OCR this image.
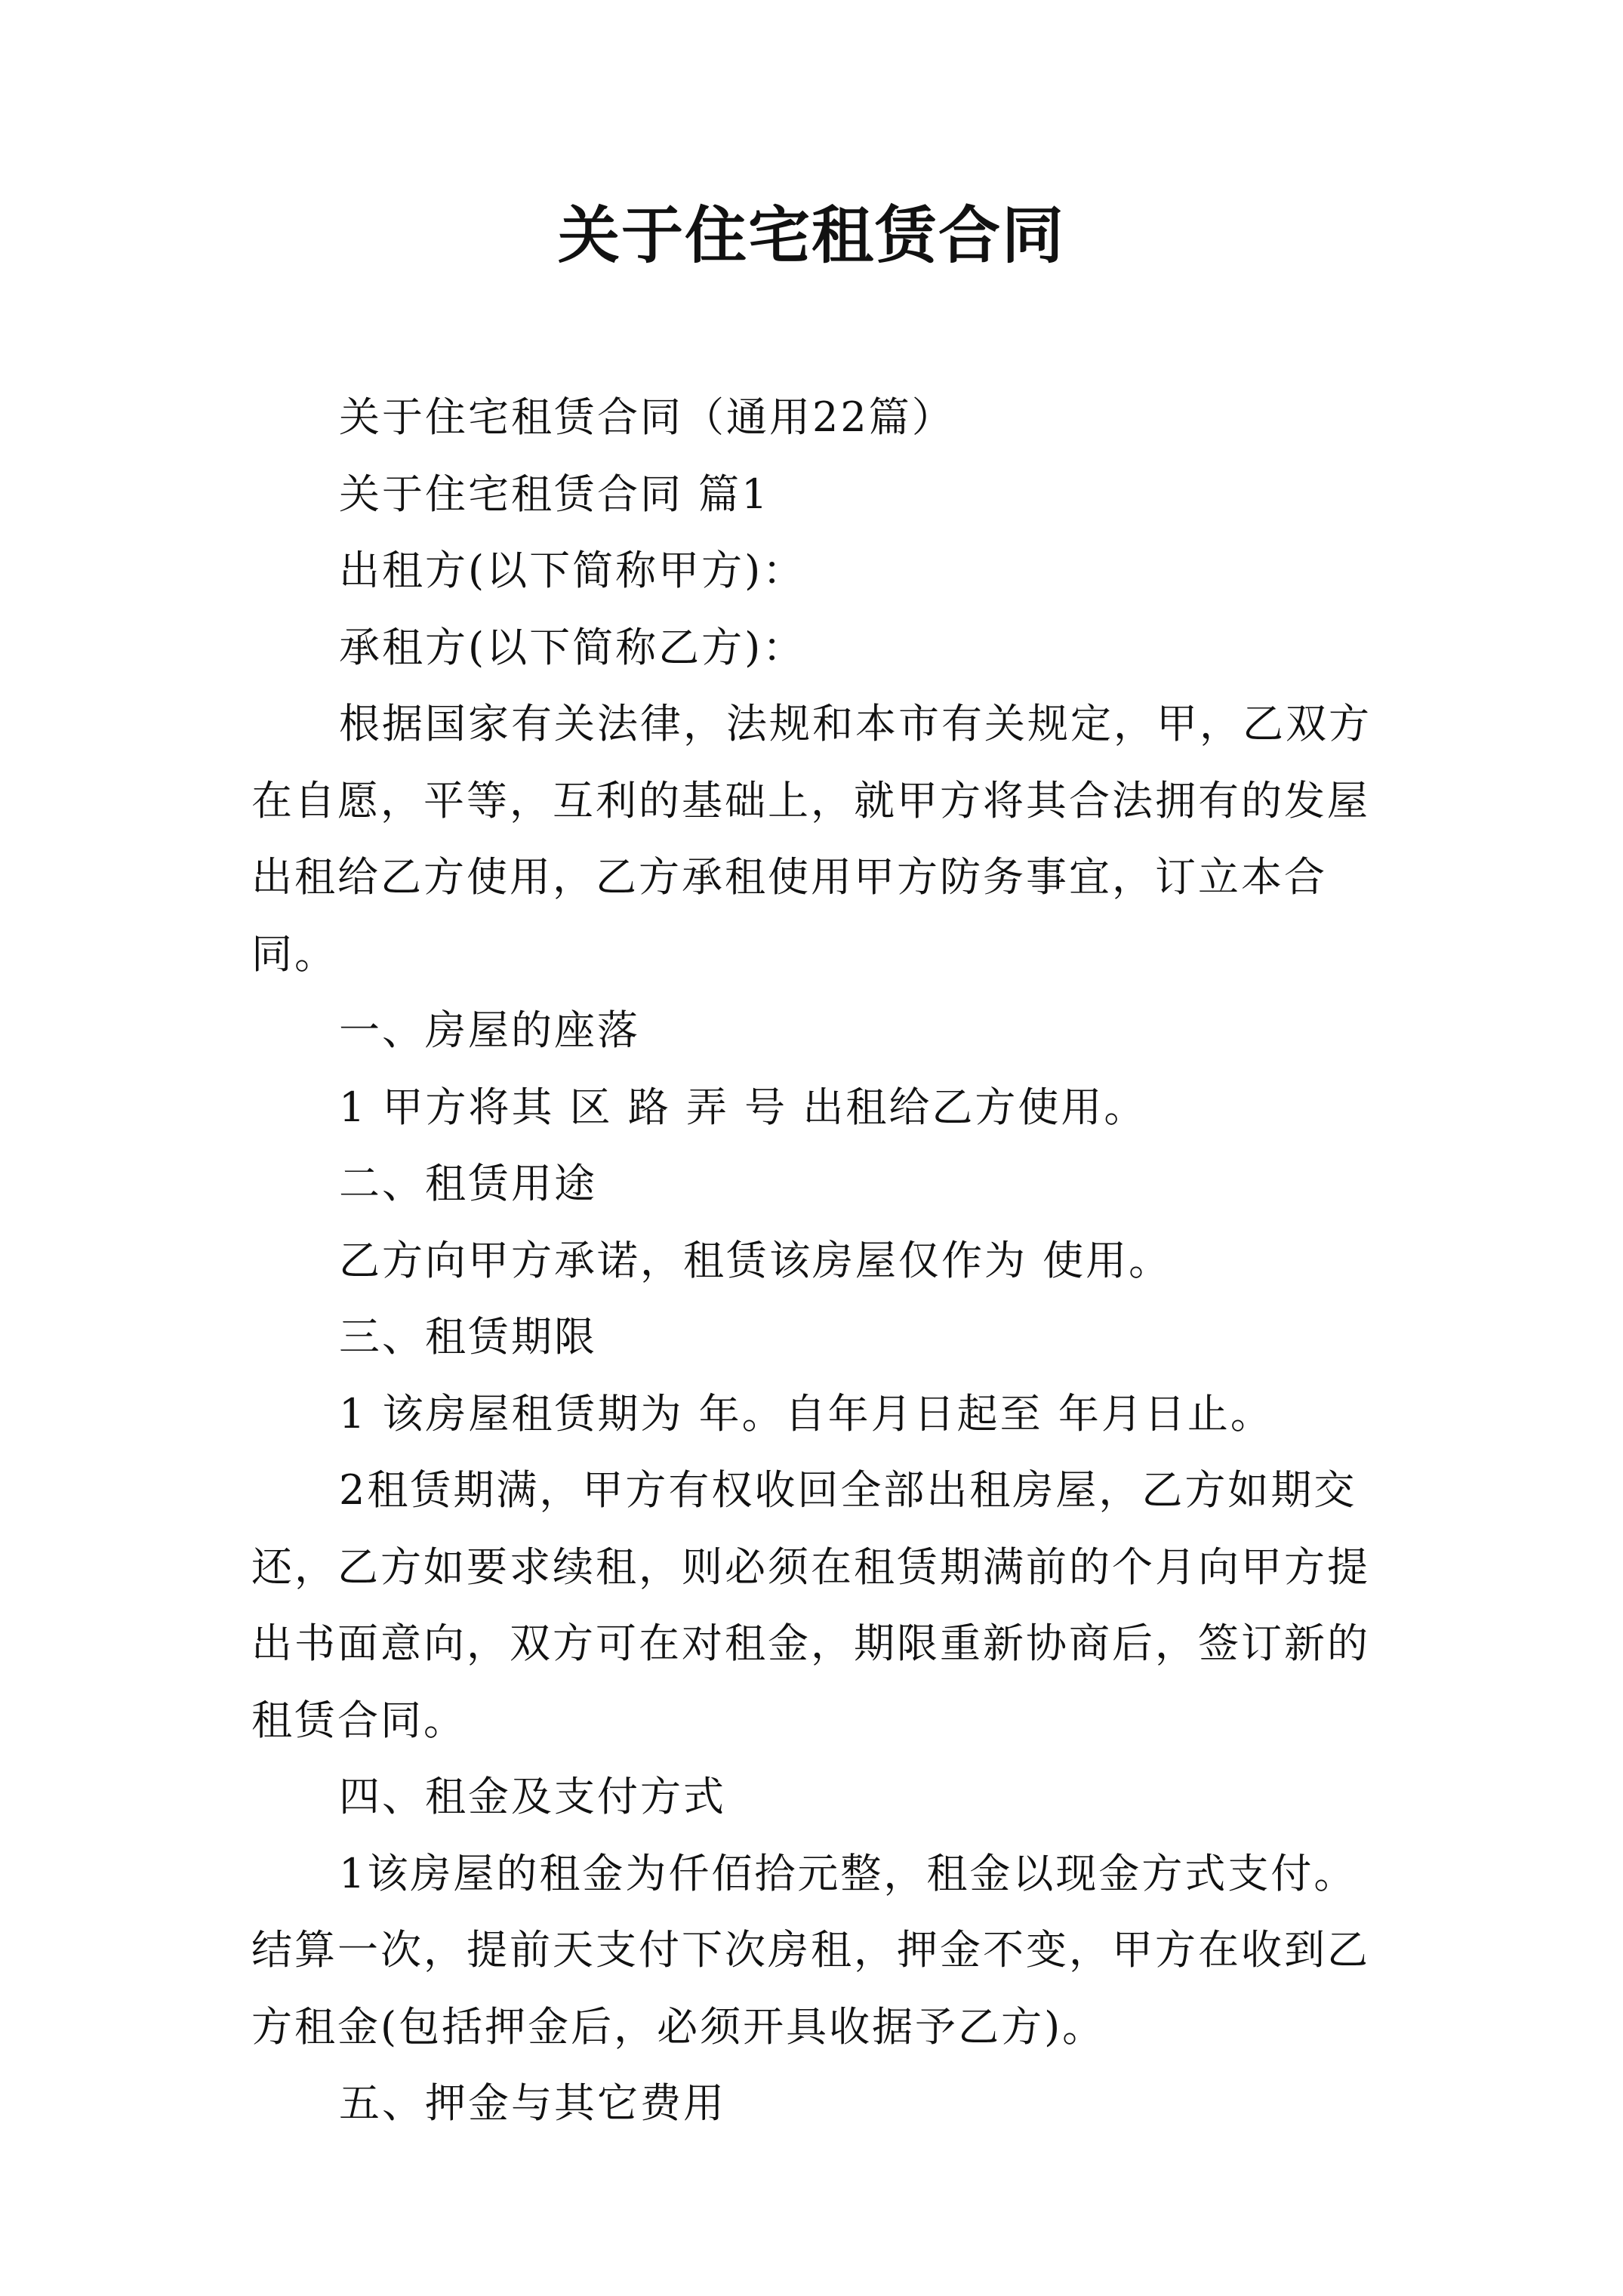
关于住宅租赁合同

关于住宅租赁合同（通用22篇）

关于住宅租赁合同 篇1

出租方(以下简称甲方)：

承租方(以下简称乙方)：

根据国家有关法律，法规和本市有关规定，甲，乙双方在自愿，平等，互利的基础上，就甲方将其合法拥有的发屋出租给乙方使用，乙方承租使用甲方防务事宜，订立本合同。

一、房屋的座落

1 甲方将其 区 路 弄 号 出租给乙方使用。

二、租赁用途

乙方向甲方承诺，租赁该房屋仅作为 使用。

三、租赁期限

1 该房屋租赁期为 年。自年月日起至 年月日止。

2租赁期满，甲方有权收回全部出租房屋，乙方如期交还，乙方如要求续租，则必须在租赁期满前的个月向甲方提出书面意向，双方可在对租金，期限重新协商后，签订新的租赁合同。

四、租金及支付方式

1该房屋的租金为仟佰拾元整，租金以现金方式支付。结算一次，提前天支付下次房租，押金不变，甲方在收到乙方租金(包括押金后，必须开具收据予乙方)。

五、押金与其它费用
